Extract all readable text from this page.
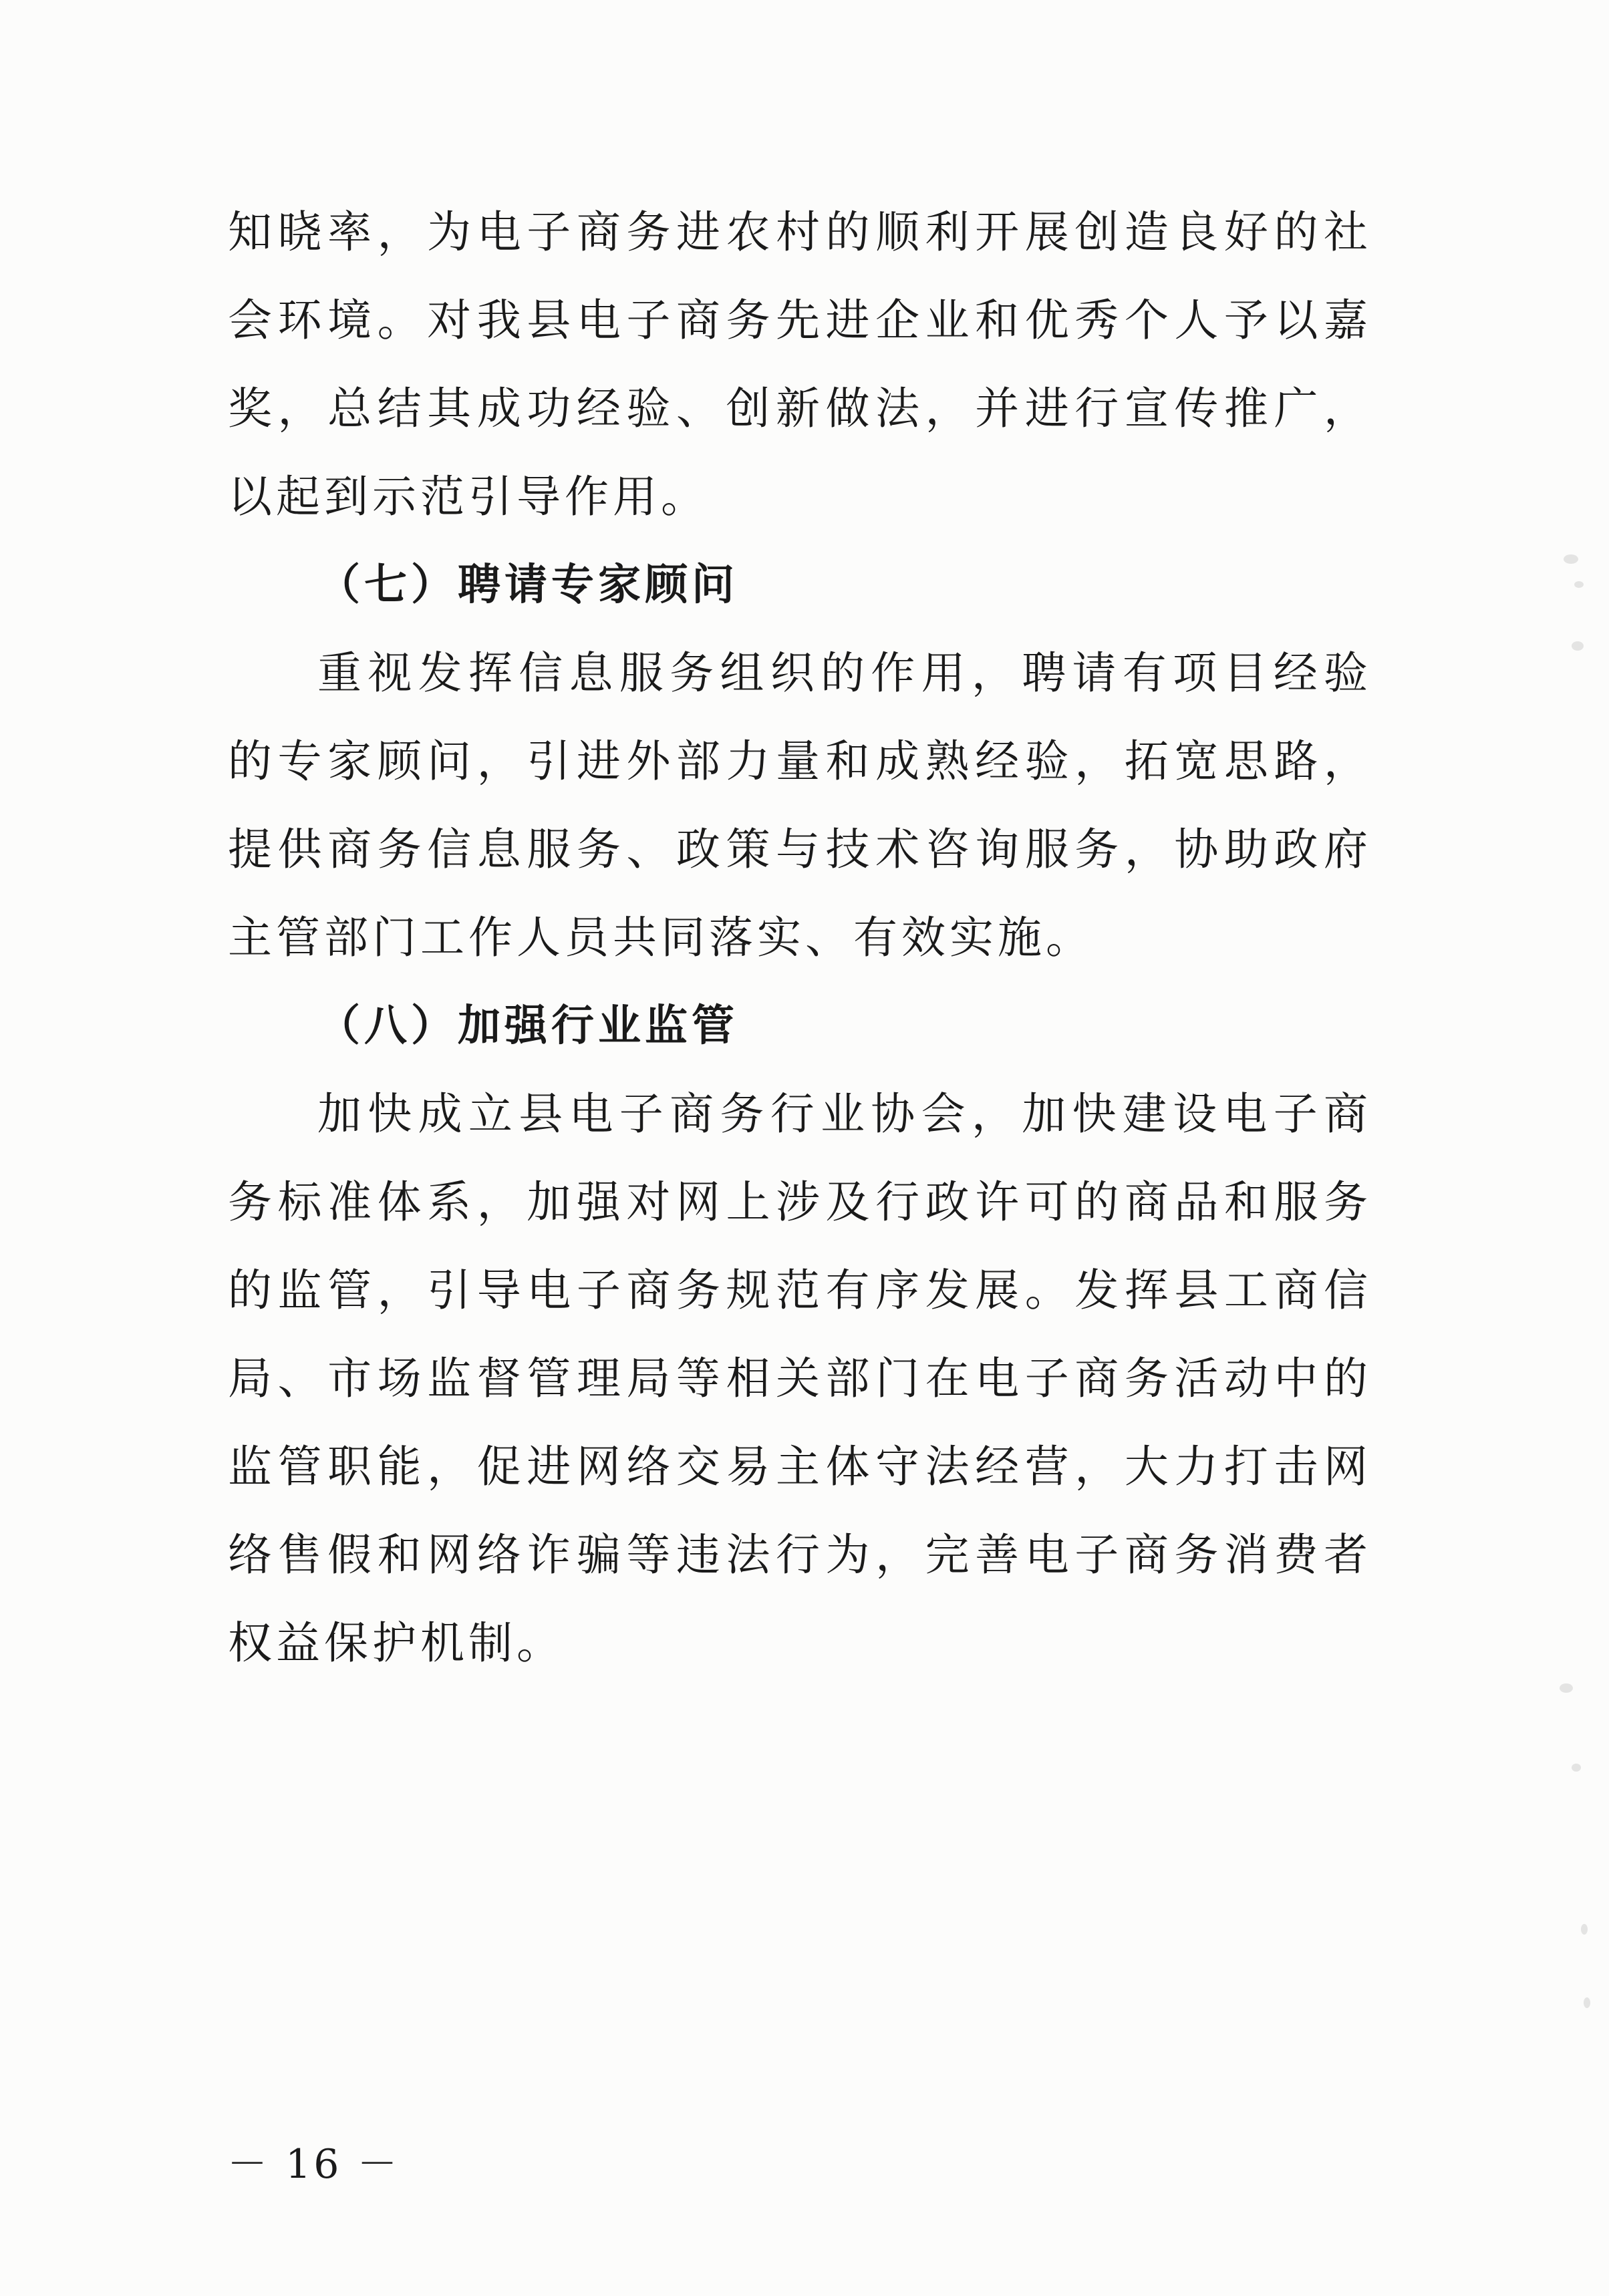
知晓率，为电子商务进农村的顺利开展创造良好的社会环境。对我县电子商务先进企业和优秀个人予以嘉奖，总结其成功经验、创新做法，并进行宣传推广，以起到示范引导作用。

（七）聘请专家顾问

重视发挥信息服务组织的作用，聘请有项目经验的专家顾问，引进外部力量和成熟经验，拓宽思路，提供商务信息服务、政策与技术咨询服务，协助政府主管部门工作人员共同落实、有效实施。

（八）加强行业监管

加快成立县电子商务行业协会，加快建设电子商务标准体系，加强对网上涉及行政许可的商品和服务的监管，引导电子商务规范有序发展。发挥县工商信局、市场监督管理局等相关部门在电子商务活动中的监管职能，促进网络交易主体守法经营，大力打击网络售假和网络诈骗等违法行为，完善电子商务消费者权益保护机制。

－ 16 －
